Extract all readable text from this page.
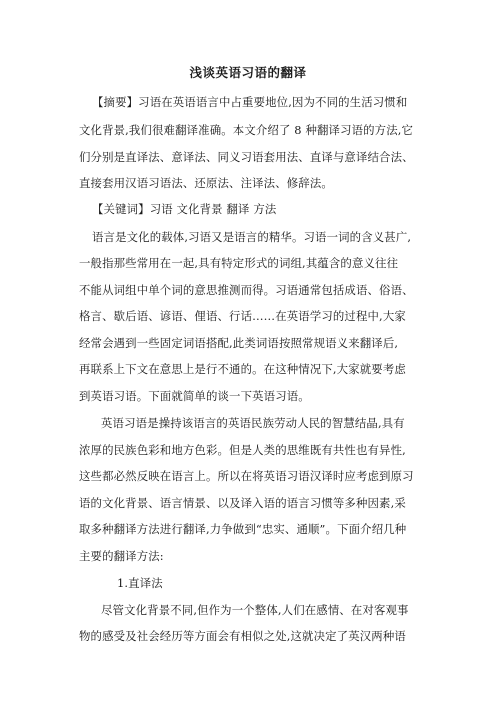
浅谈英语习语的翻译
【摘要】习语在英语语言中占重要地位,因为不同的生活习惯和
文化背景,我们很难翻译准确。本文介绍了 8 种翻译习语的方法,它
们分别是直译法、意译法、同义习语套用法、直译与意译结合法、
直接套用汉语习语法、还原法、注译法、修辞法。
【关键词】习语 文化背景 翻译 方法
语言是文化的载体,习语又是语言的精华。习语一词的含义甚广,
一般指那些常用在一起,具有特定形式的词组,其蕴含的意义往往
不能从词组中单个词的意思推测而得。习语通常包括成语、俗语、
格言、歇后语、谚语、俚语、行话……在英语学习的过程中,大家
经常会遇到一些固定词语搭配,此类词语按照常规语义来翻译后,
再联系上下文在意思上是行不通的。在这种情况下,大家就要考虑
到英语习语。下面就简单的谈一下英语习语。
英语习语是操持该语言的英语民族劳动人民的智慧结晶,具有
浓厚的民族色彩和地方色彩。但是人类的思维既有共性也有异性,
这些都必然反映在语言上。所以在将英语习语汉译时应考虑到原习
语的文化背景、语言情景、以及译入语的语言习惯等多种因素,采
取多种翻译方法进行翻译,力争做到“忠实、通顺”。下面介绍几种
主要的翻译方法:
1.直译法
尽管文化背景不同,但作为一个整体,人们在感情、在对客观事
物的感受及社会经历等方面会有相似之处,这就决定了英汉两种语
